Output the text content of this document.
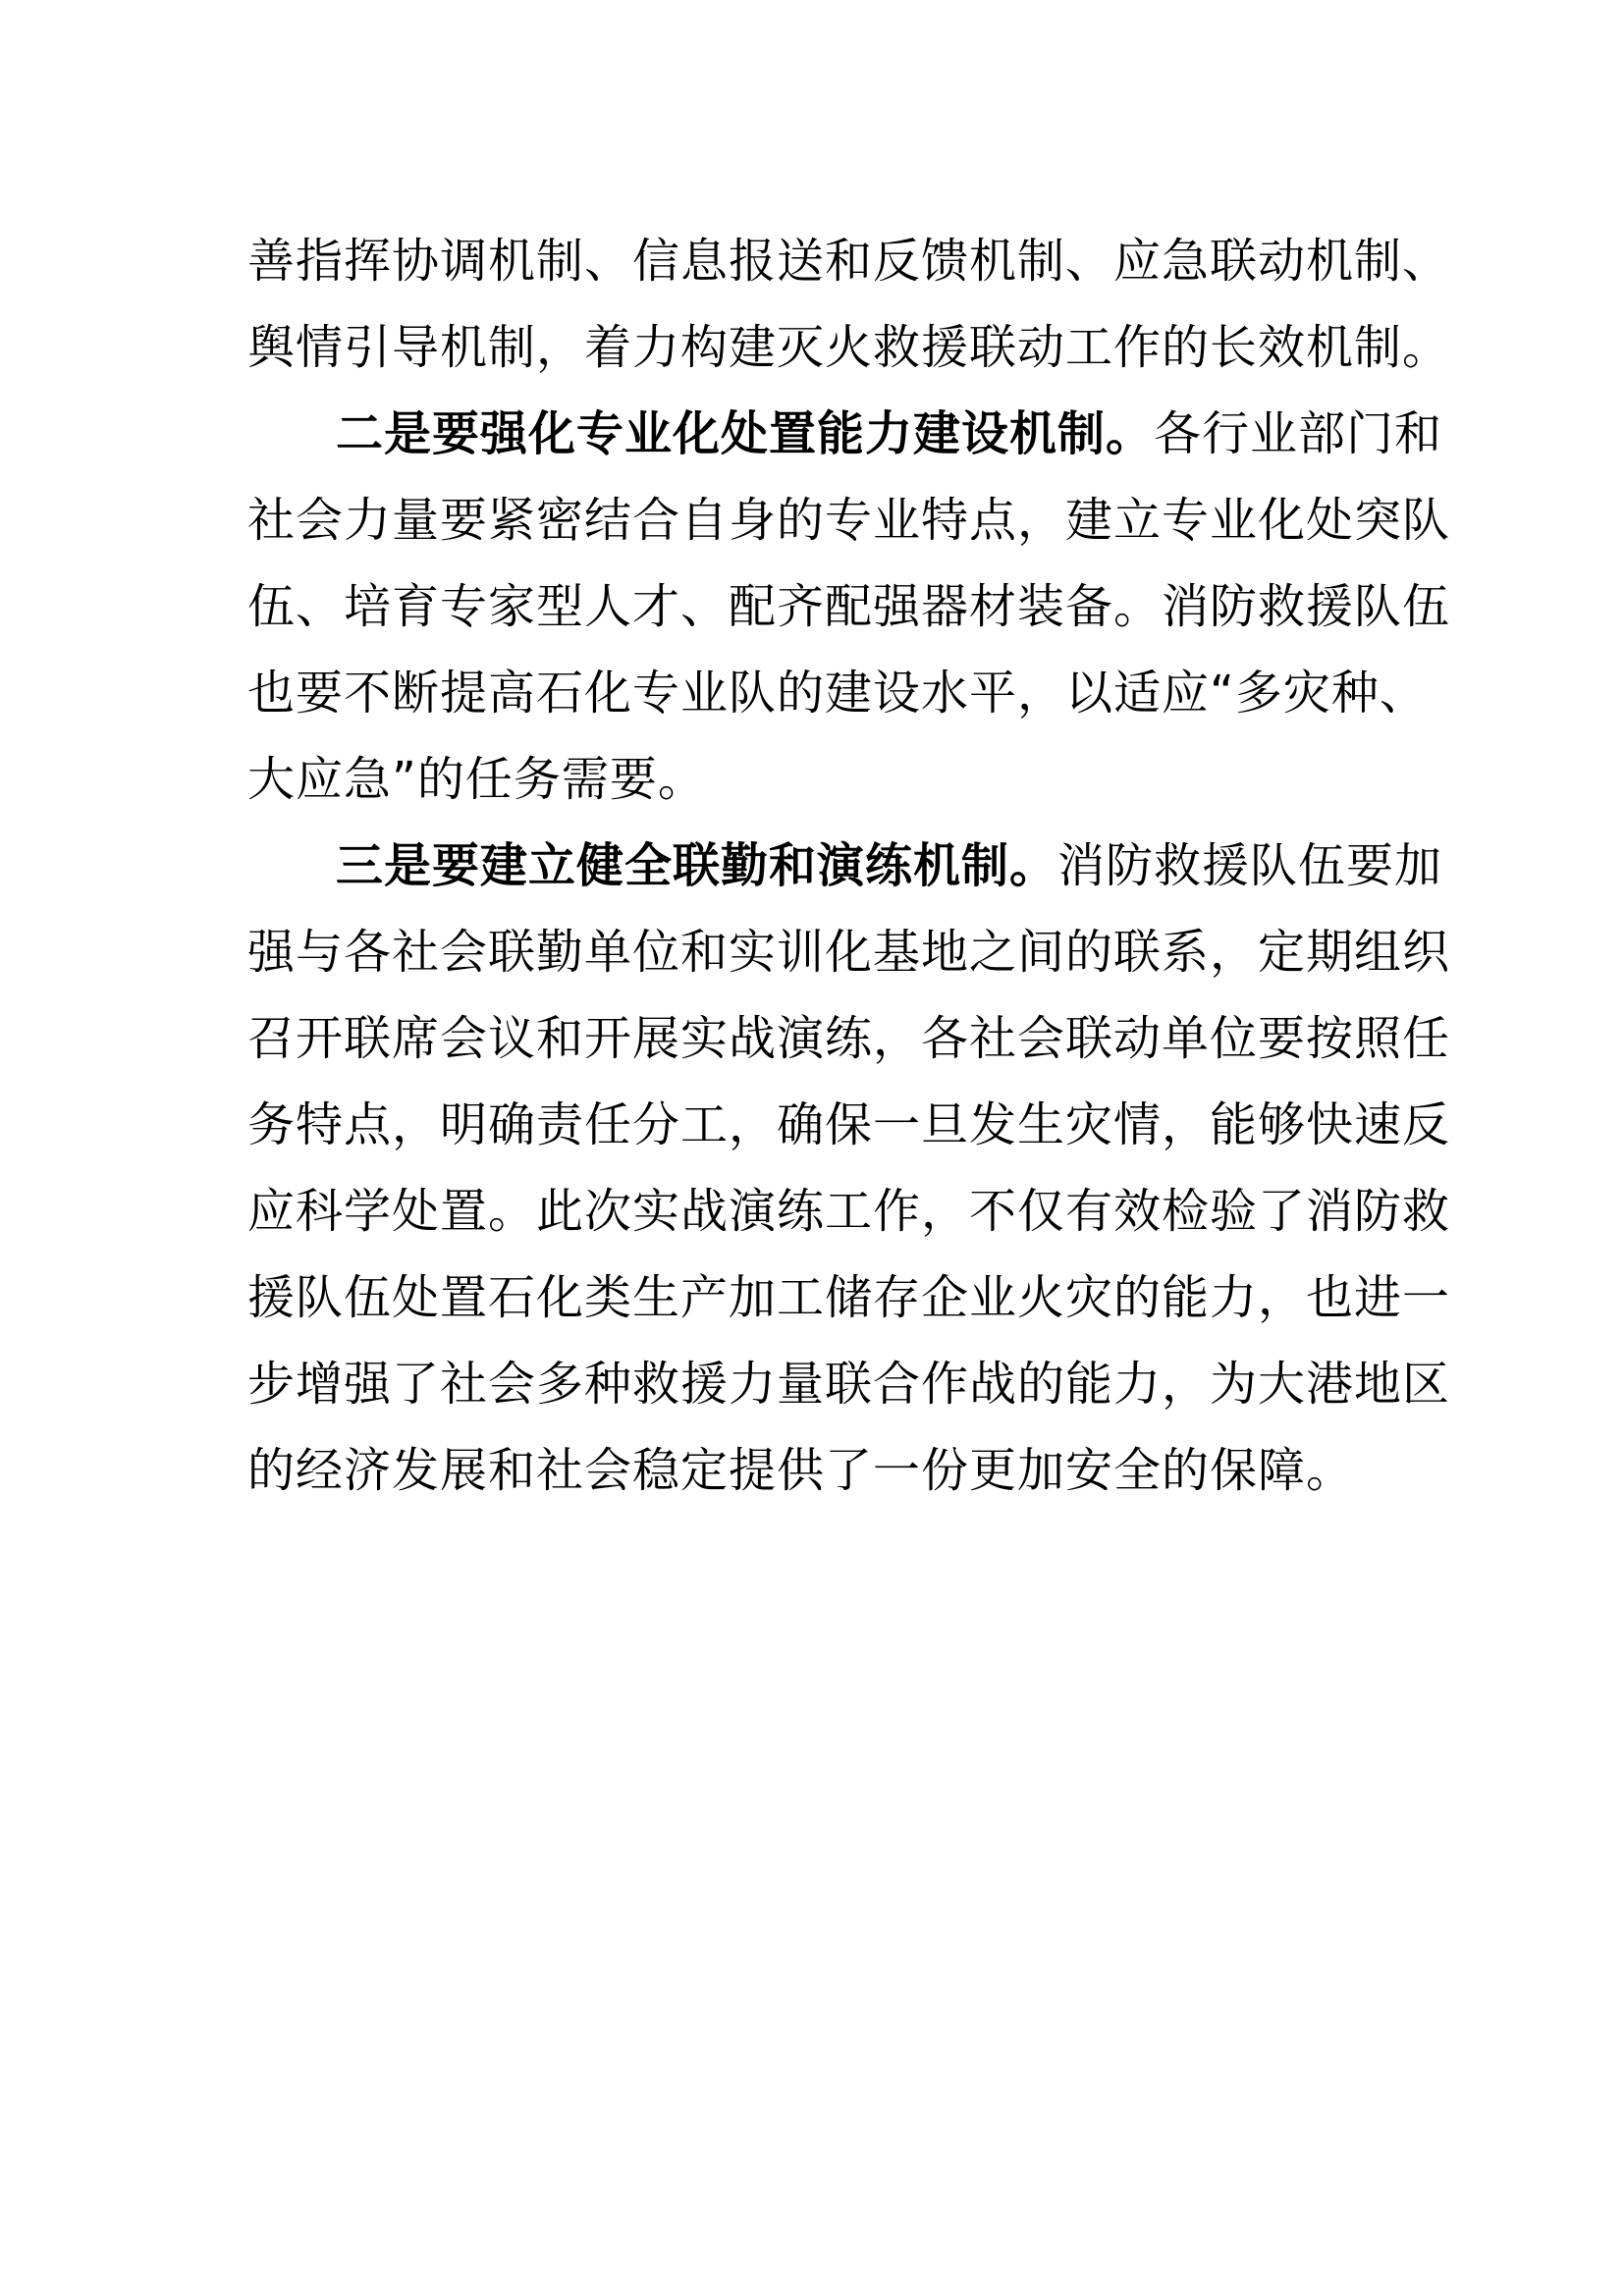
善指挥协调机制、信息报送和反馈机制、应急联动机制、
舆情引导机制，着力构建灭火救援联动工作的长效机制。
二是要强化专业化处置能力建设机制。各行业部门和
社会力量要紧密结合自身的专业特点，建立专业化处突队
伍、培育专家型人才、配齐配强器材装备。消防救援队伍
也要不断提高石化专业队的建设水平，以适应“多灾种、
大应急”的任务需要。
三是要建立健全联勤和演练机制。消防救援队伍要加
强与各社会联勤单位和实训化基地之间的联系，定期组织
召开联席会议和开展实战演练，各社会联动单位要按照任
务特点，明确责任分工，确保一旦发生灾情，能够快速反
应科学处置。此次实战演练工作，不仅有效检验了消防救
援队伍处置石化类生产加工储存企业火灾的能力，也进一
步增强了社会多种救援力量联合作战的能力，为大港地区
的经济发展和社会稳定提供了一份更加安全的保障。
